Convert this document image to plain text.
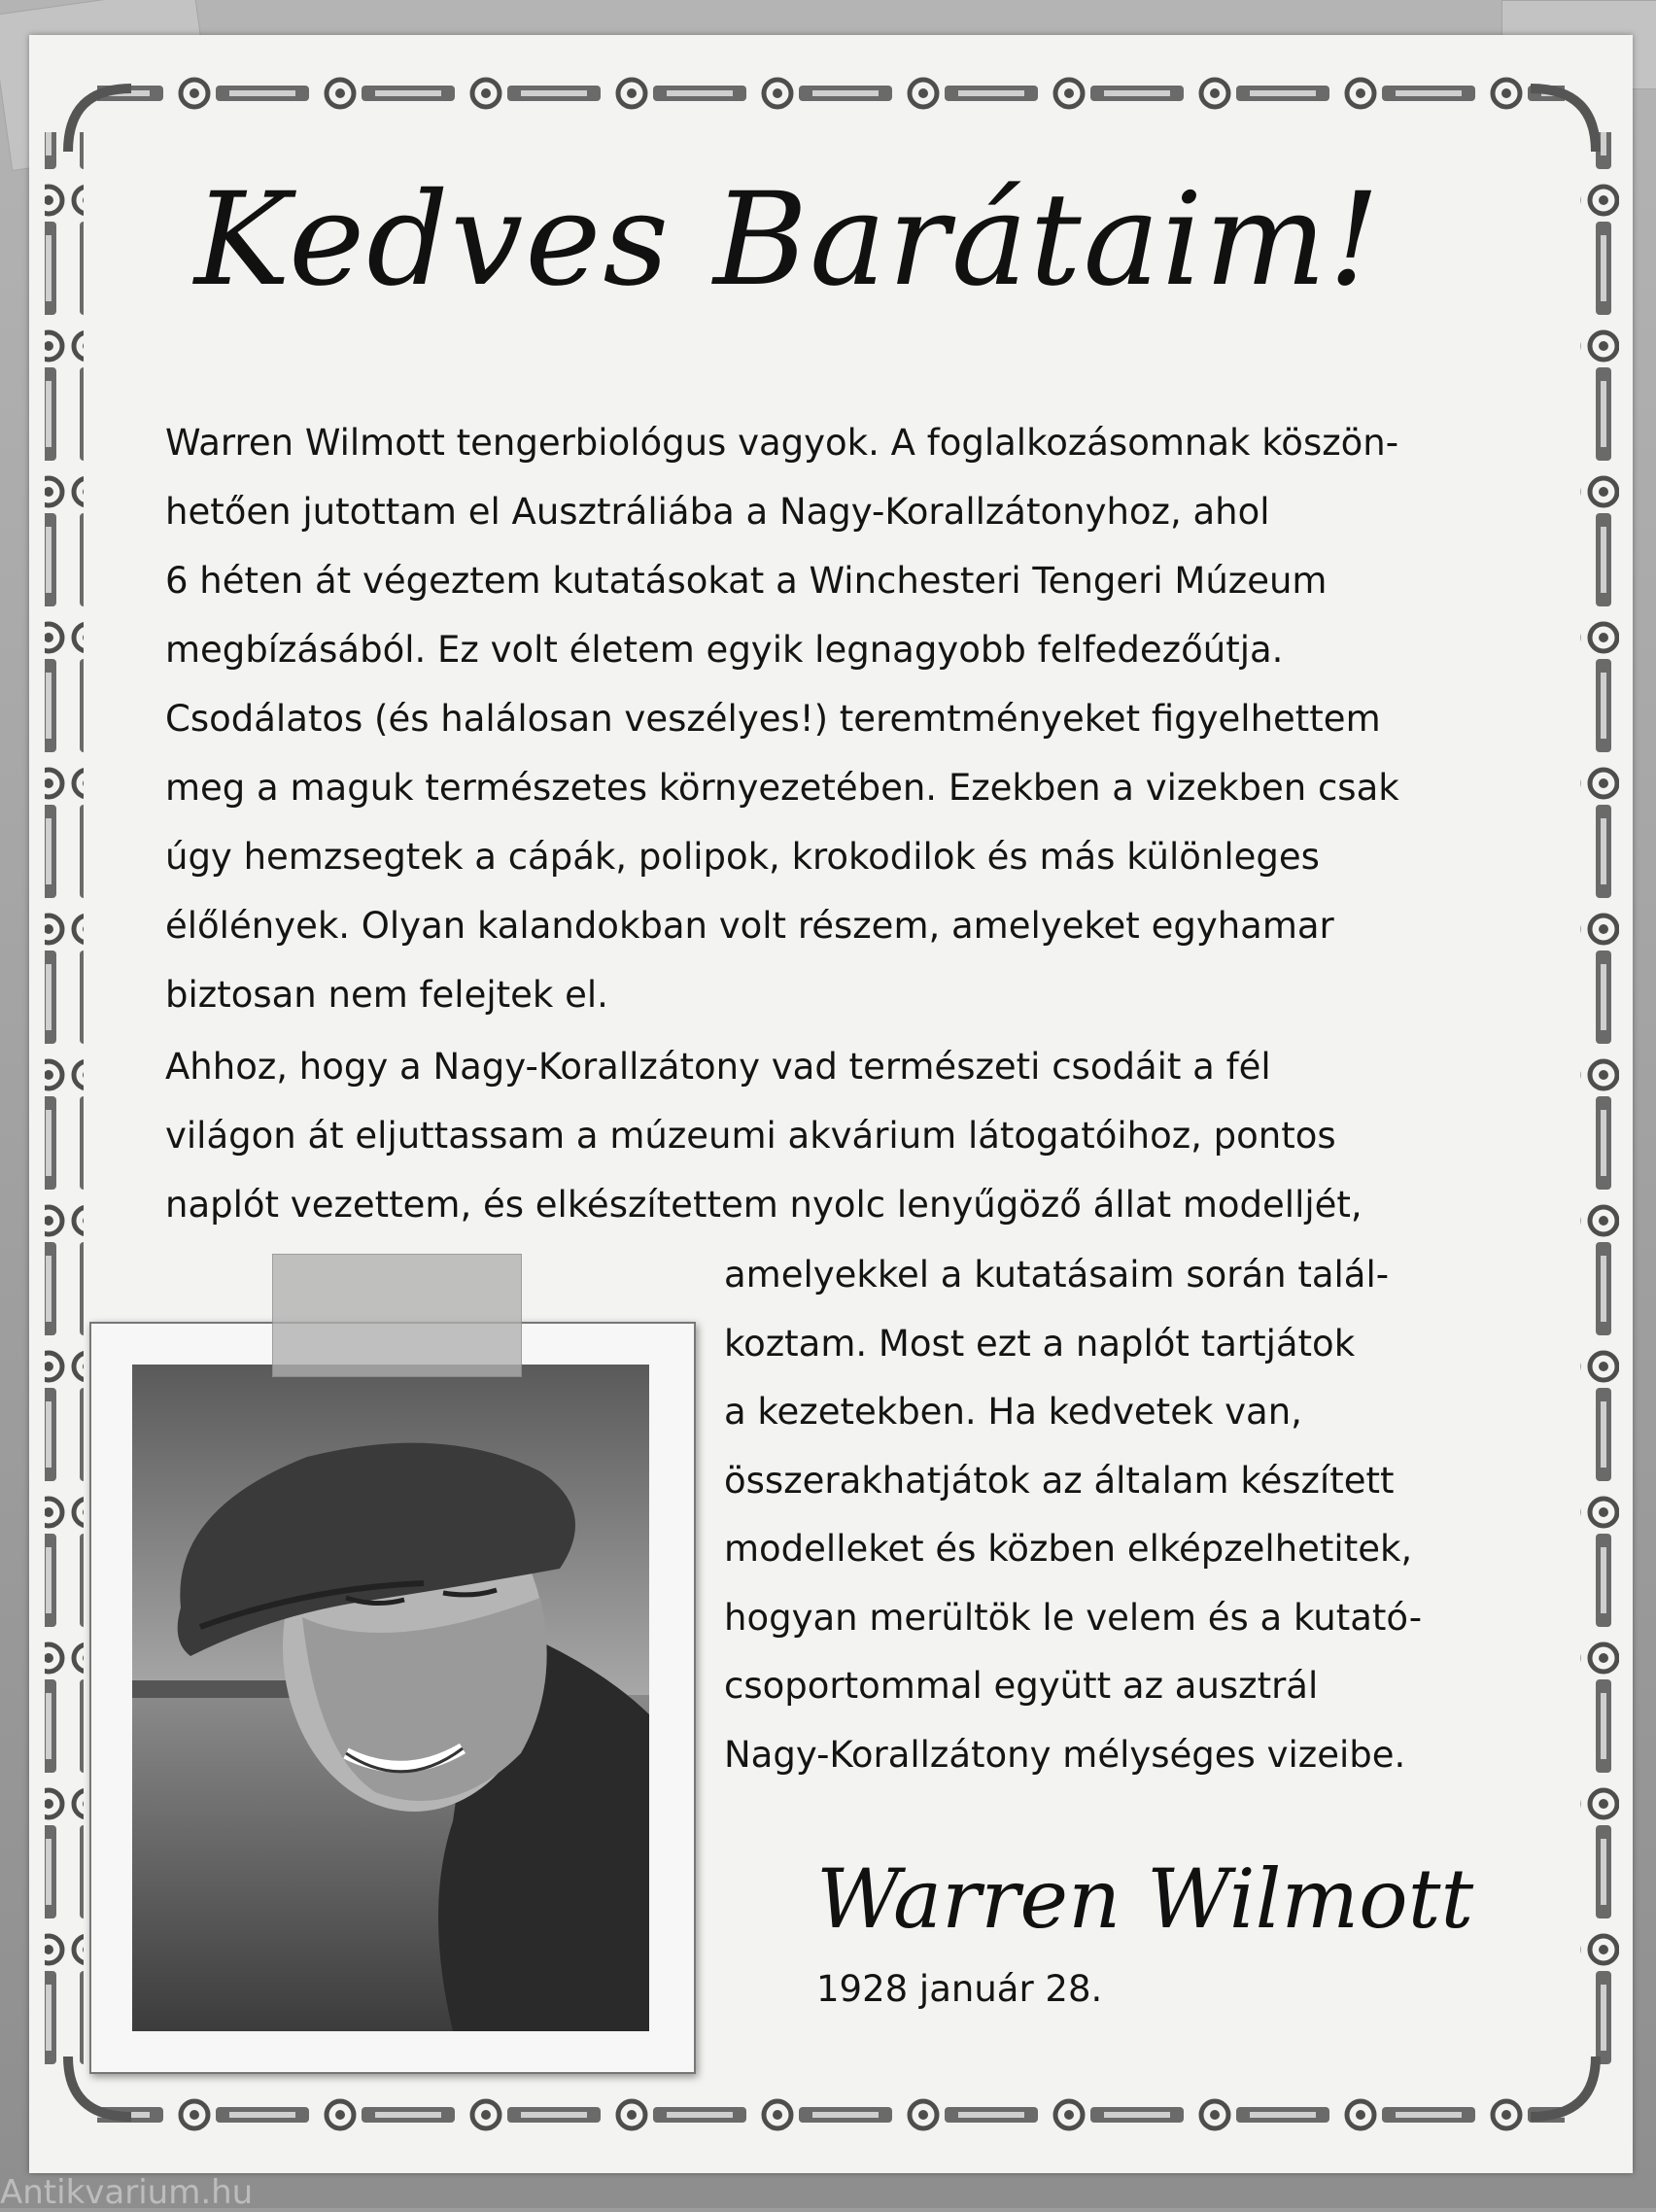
Kedves Barátaim!
Warren Wilmott tengerbiológus vagyok. A foglalkozásomnak köszön-
hetően jutottam el Ausztráliába a Nagy-Korallzátonyhoz, ahol
6 héten át végeztem kutatásokat a Winchesteri Tengeri Múzeum
megbízásából. Ez volt életem egyik legnagyobb felfedezőútja.
Csodálatos (és halálosan veszélyes!) teremtményeket figyelhettem
meg a maguk természetes környezetében. Ezekben a vizekben csak
úgy hemzsegtek a cápák, polipok, krokodilok és más különleges
élőlények. Olyan kalandokban volt részem, amelyeket egyhamar
biztosan nem felejtek el.
Ahhoz, hogy a Nagy-Korallzátony vad természeti csodáit a fél
világon át eljuttassam a múzeumi akvárium látogatóihoz, pontos
naplót vezettem, és elkészítettem nyolc lenyűgöző állat modelljét,
amelyekkel a kutatásaim során talál-
koztam. Most ezt a naplót tartjátok
a kezetekben. Ha kedvetek van,
összerakhatjátok az általam készített
modelleket és közben elképzelhetitek,
hogyan merültök le velem és a kutató-
csoportommal együtt az ausztrál
Nagy-Korallzátony mélységes vizeibe.
Warren Wilmott
1928 január 28.
Antikvarium.hu
